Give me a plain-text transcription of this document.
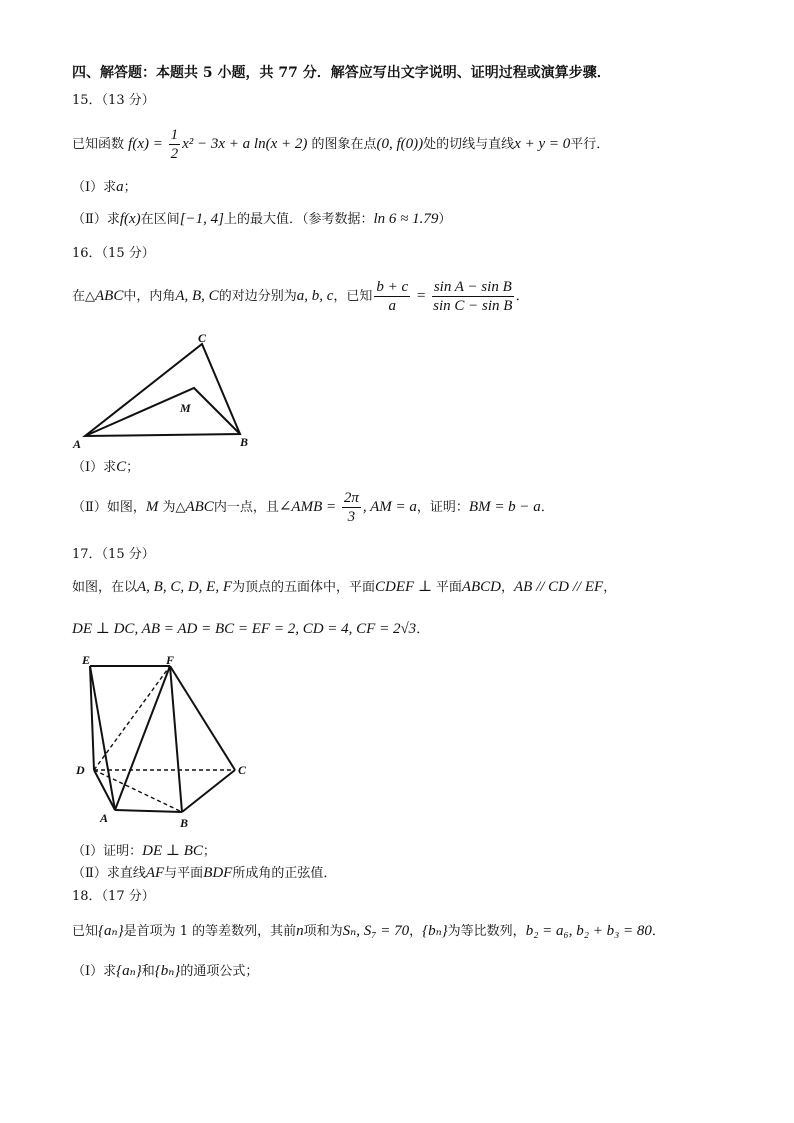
四、解答题：本题共 5 小题，共 77 分．解答应写出文字说明、证明过程或演算步骤．
15．（13 分）
已知函数 $f(x) = \frac{1}{2} x^2 - 3x + a$ ln(x + 2) 的图象在点(0, f(0))处的切线与直线x + y = 0平行．
（Ⅰ）求a；
（Ⅱ）求f(x)在区间[−1, 4]上的最大值．（参考数据：ln 6 ≈ 1.79）
16．（15 分）
在△ABC中，内角A, B, C的对边分别为a, b, c，已知 $\frac{b + c}{a} = \frac{\text{sin A − sin B}}{\text{sin C − sin B}}$ ．
A	B
C
M
（Ⅰ）求C；
（Ⅱ）如图，M 为△ABC内一点，且∠AMB = $\frac{2\pi}{3}$ , AM = a，证明：BM = b − a．
17．（15 分）
如图，在以A, B, C, D, E, F为顶点的五面体中，平面CDEF ⊥ 平面ABCD，AB // CD // EF，
DE ⊥ DC, AB = AD = BC = EF = 2, CD = 4, CF = 2√3．
E	F
D	C
A	B
（Ⅰ）证明：DE ⊥ BC；
（Ⅱ）求直线AF与平面BDF所成角的正弦值．
18．（17 分）
已知{aₙ}是首项为 1 的等差数列，其前n项和为Sₙ, S₇ = 70，{bₙ}为等比数列，b₂ = a₆, b₂ + b₃ = 80．
（Ⅰ）求{aₙ}和{bₙ}的通项公式；
